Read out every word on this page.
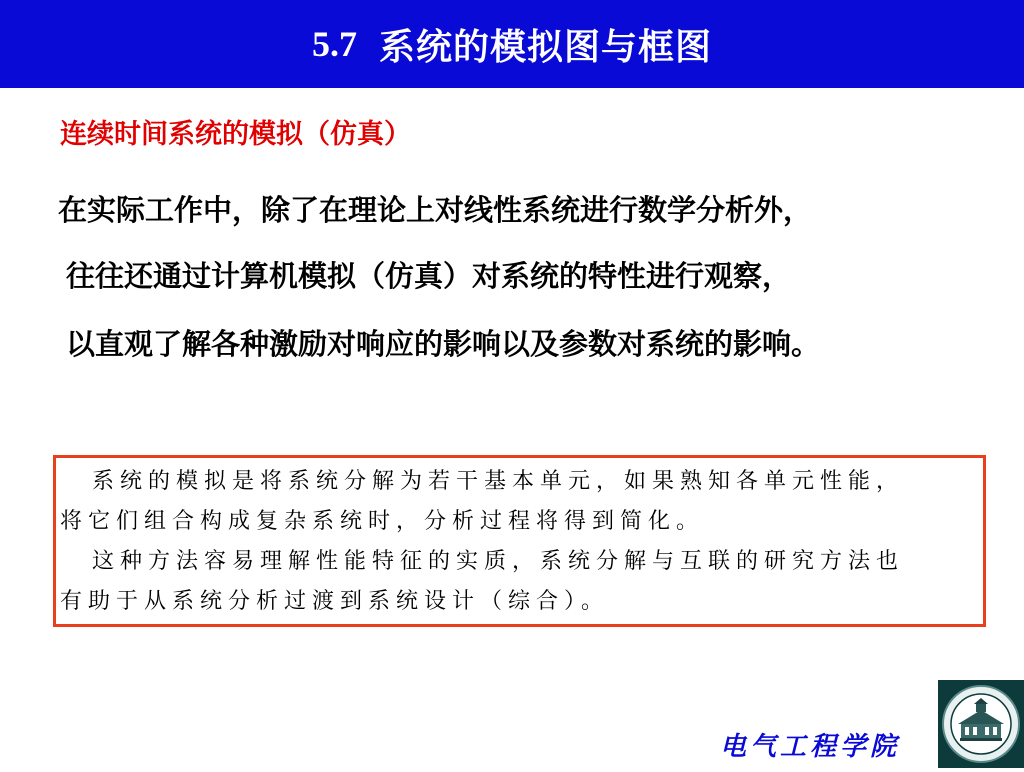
5.7 系统的模拟图与框图
连续时间系统的模拟（仿真）
在实际工作中，除了在理论上对线性系统进行数学分析外，
往往还通过计算机模拟（仿真）对系统的特性进行观察，
以直观了解各种激励对响应的影响以及参数对系统的影响。
系统的模拟是将系统分解为若干基本单元，如果熟知各单元性能，
将它们组合构成复杂系统时，分析过程将得到简化。
这种方法容易理解性能特征的实质，系统分解与互联的研究方法也
有助于从系统分析过渡到系统设计（综合）。
电气工程学院
